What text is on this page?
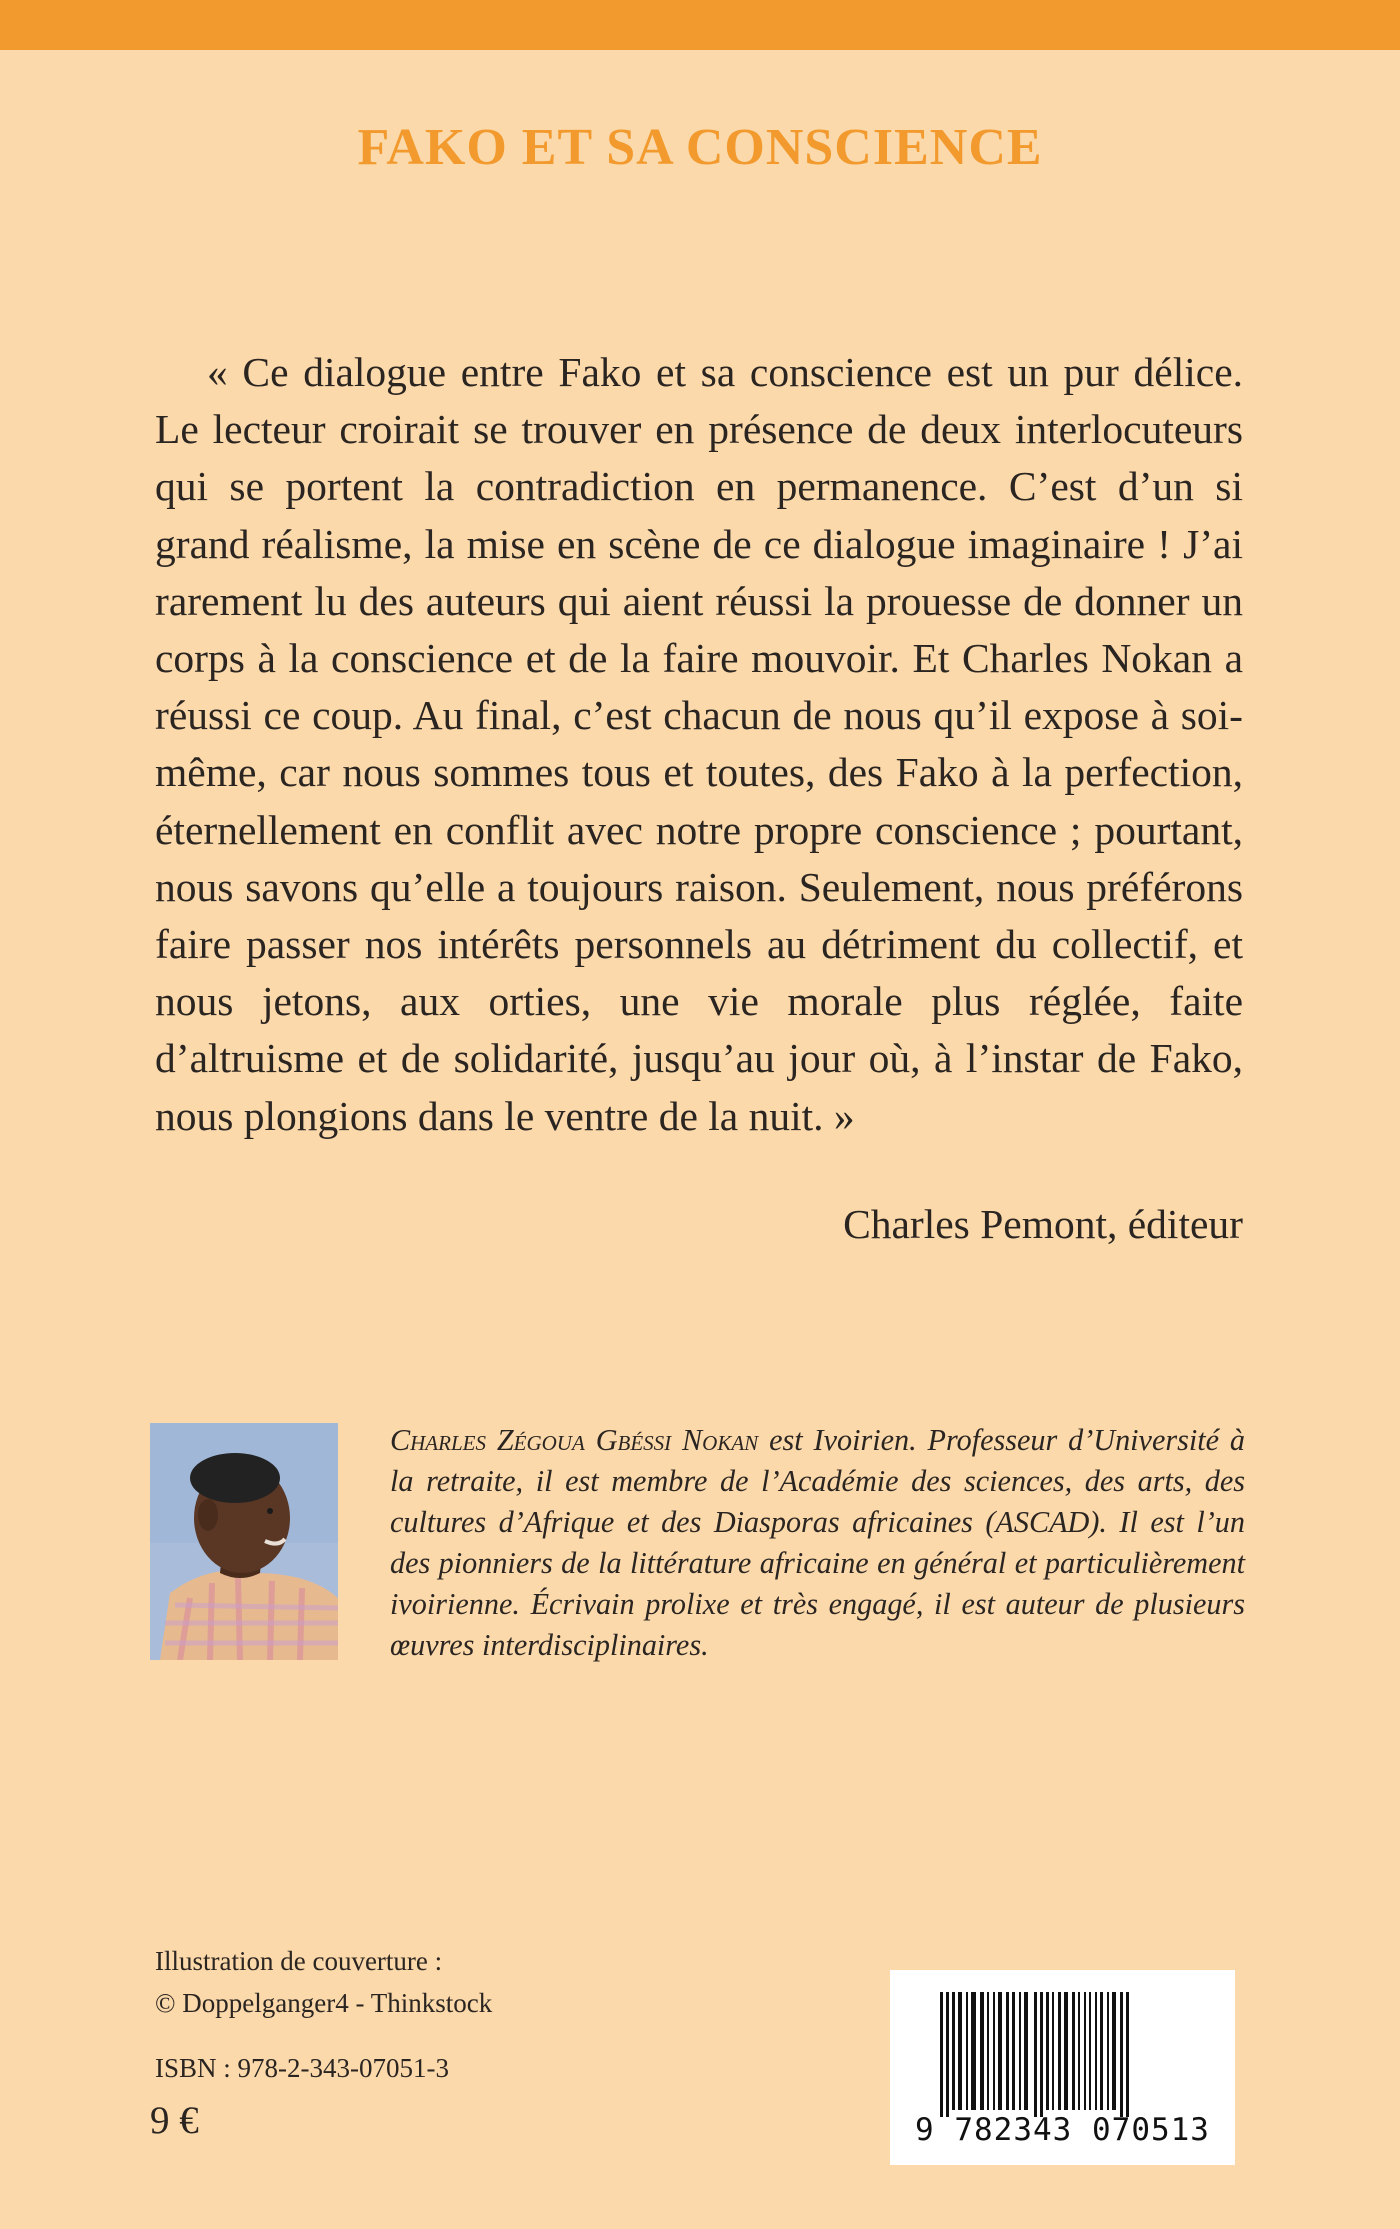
FAKO ET SA CONSCIENCE

« Ce dialogue entre Fako et sa conscience est un pur délice. Le lecteur croirait se trouver en présence de deux interlocuteurs qui se portent la contradiction en permanence. C’est d’un si grand réalisme, la mise en scène de ce dialogue imaginaire ! J’ai rarement lu des auteurs qui aient réussi la prouesse de donner un corps à la conscience et de la faire mouvoir. Et Charles Nokan a réussi ce coup. Au final, c’est chacun de nous qu’il expose à soi-même, car nous sommes tous et toutes, des Fako à la perfection, éternellement en conflit avec notre propre conscience ; pourtant, nous savons qu’elle a toujours raison. Seulement, nous préférons faire passer nos intérêts personnels au détriment du collectif, et nous jetons, aux orties, une vie morale plus réglée, faite d’altruisme et de solidarité, jusqu’au jour où, à l’instar de Fako, nous plongions dans le ventre de la nuit. »

Charles Pemont, éditeur

Charles Zégoua Gbéssi Nokan est Ivoirien. Professeur d’Université à la retraite, il est membre de l’Académie des sciences, des arts, des cultures d’Afrique et des Diasporas africaines (ASCAD). Il est l’un des pionniers de la littérature africaine en général et particulièrement ivoirienne. Écrivain prolixe et très engagé, il est auteur de plusieurs œuvres interdisciplinaires.

Illustration de couverture :
© Doppelganger4 - Thinkstock
ISBN : 978-2-343-07051-3
9 €	9 782343 070513
